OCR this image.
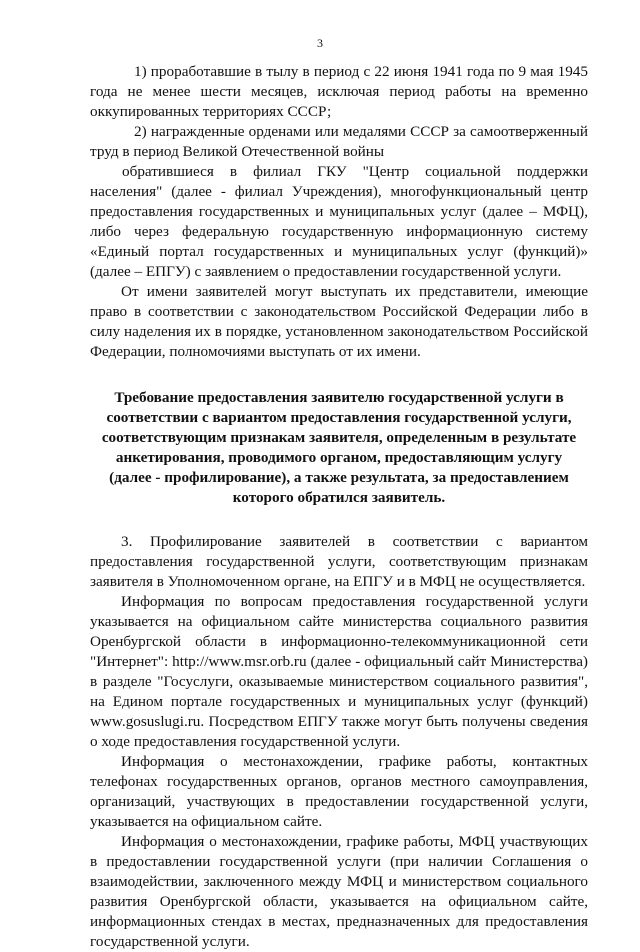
3

1) проработавшие в тылу в период с 22 июня 1941 года по 9 мая 1945 года не менее шести месяцев, исключая период работы на временно оккупированных территориях СССР;

2) награжденные орденами или медалями СССР за самоотверженный труд в период Великой Отечественной войны

обратившиеся в филиал ГКУ "Центр социальной поддержки населения" (далее - филиал Учреждения), многофункциональный центр предоставления государственных и муниципальных услуг (далее – МФЦ), либо через федеральную государственную информационную систему «Единый портал государственных и муниципальных услуг (функций)» (далее – ЕПГУ) с заявлением о предоставлении государственной услуги.

От имени заявителей могут выступать их представители, имеющие право в соответствии с законодательством Российской Федерации либо в силу наделения их в порядке, установленном законодательством Российской Федерации, полномочиями выступать от их имени.

Требование предоставления заявителю государственной услуги в соответствии с вариантом предоставления государственной услуги, соответствующим признакам заявителя, определенным в результате анкетирования, проводимого органом, предоставляющим услугу (далее - профилирование), а также результата, за предоставлением которого обратился заявитель.

3. Профилирование заявителей в соответствии с вариантом предоставления государственной услуги, соответствующим признакам заявителя в Уполномоченном органе, на ЕПГУ и в МФЦ не осуществляется.

Информация по вопросам предоставления государственной услуги указывается на официальном сайте министерства социального развития Оренбургской области в информационно-телекоммуникационной сети "Интернет": http://www.msr.orb.ru (далее - официальный сайт Министерства) в разделе "Госуслуги, оказываемые министерством социального развития", на Едином портале государственных и муниципальных услуг (функций) www.gosuslugi.ru. Посредством ЕПГУ также могут быть получены сведения о ходе предоставления государственной услуги.

Информация о местонахождении, графике работы, контактных телефонах государственных органов, органов местного самоуправления, организаций, участвующих в предоставлении государственной услуги, указывается на официальном сайте.

Информация о местонахождении, графике работы, МФЦ участвующих в предоставлении государственной услуги (при наличии Соглашения о взаимодействии, заключенного между МФЦ и министерством социального развития Оренбургской области, указывается на официальном сайте, информационных стендах в местах, предназначенных для предоставления государственной услуги.
